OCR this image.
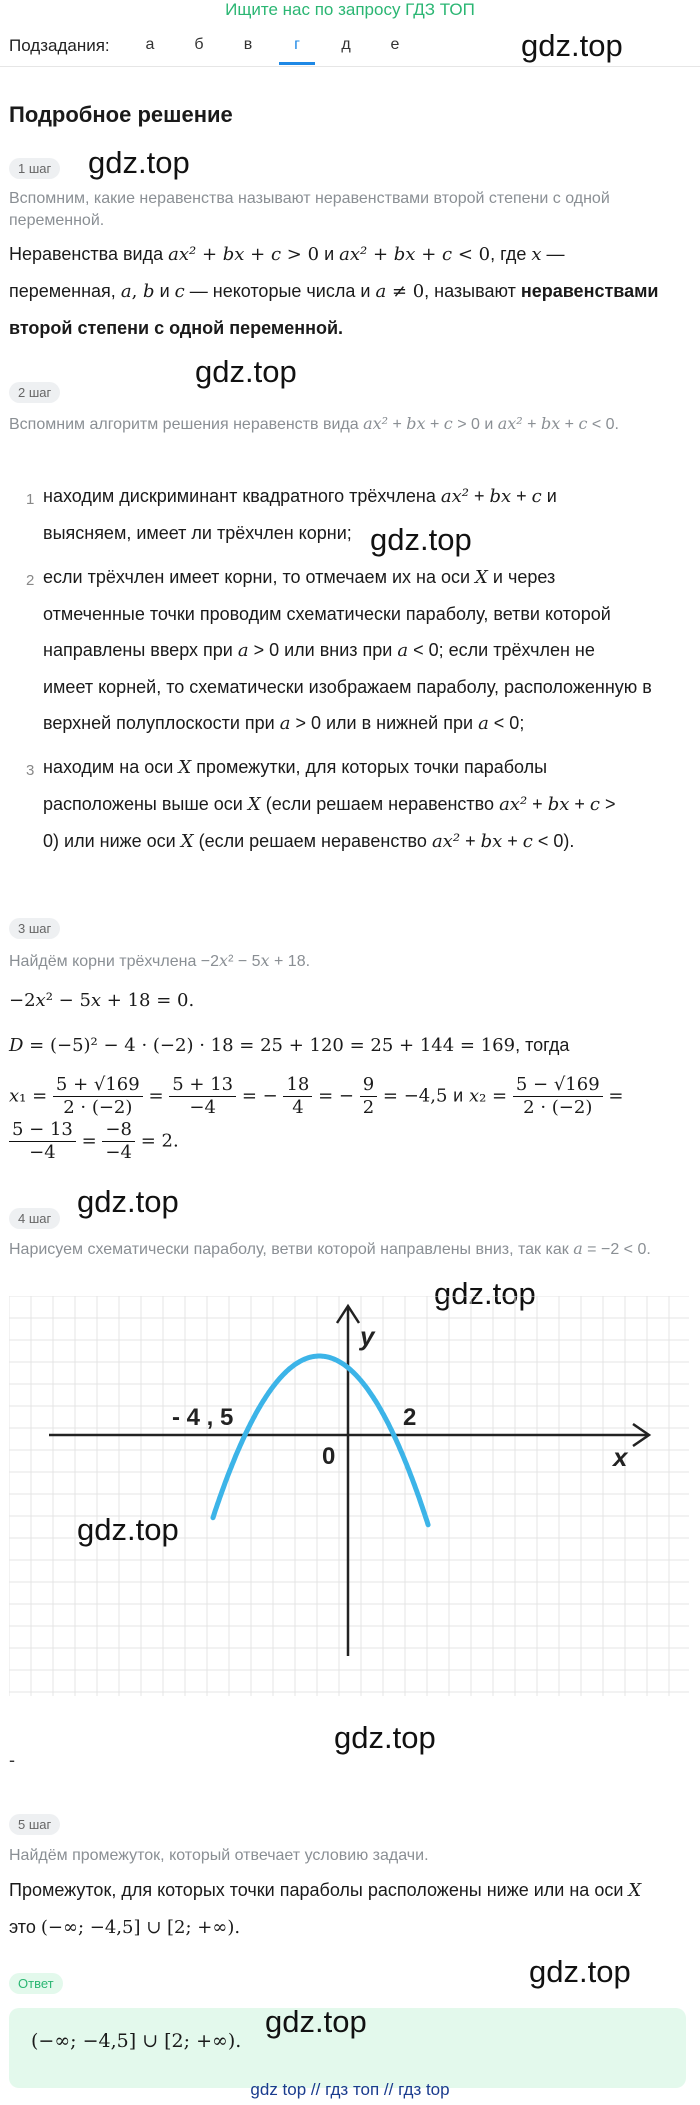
Ищите нас по запросу ГДЗ ТОП
Подзадания:	а	б	в	г	д	е	gdz.top
Подробное решение
1 шаг gdz.top
Вспомним, какие неравенства называют неравенствами второй степени с одной переменной.
Неравенства вида ax² + bx + c > 0 и ax² + bx + c < 0, где x —
переменная, a, b и c — некоторые числа и a ≠ 0, называют неравенствами второй степени с одной переменной.
gdz.top
2 шаг
Вспомним алгоритм решения неравенств вида ax² + bx + c > 0 и ax² + bx + c < 0.
1 находим дискриминант квадратного трёхчлена ax² + bx + c и
выясняем, имеет ли трёхчлен корни; gdz.top
2 если трёхчлен имеет корни, то отмечаем их на оси X и через
отмеченные точки проводим схематически параболу, ветви которой
направлены вверх при a > 0 или вниз при a < 0; если трёхчлен не
имеет корней, то схематически изображаем параболу, расположенную в
верхней полуплоскости при a > 0 или в нижней при a < 0;
3 находим на оси X промежутки, для которых точки параболы
расположены выше оси X (если решаем неравенство ax² + bx + c >
0) или ниже оси X (если решаем неравенство ax² + bx + c < 0).
3 шаг
Найдём корни трёхчлена −2x² − 5x + 18.
−2x² − 5x + 18 = 0.
D = (−5)² − 4 · (−2) · 18 = 25 + 120 = 25 + 144 = 169, тогда
$x_1 = \frac{5 + √169}{2 \cdot (-2)} = \frac{5 + 13}{-4}$ = − $\frac{18}{4}$ = − $\frac{9}{2} = -4,5$ и $x_2 = \frac{5 - √169}{2 \cdot (-2)}$ =

$\frac{5 - 13}{-4} = \frac{-8}{-4} = 2$.
gdz.top
4 шаг
Нарисуем схематически параболу, ветви которой направлены вниз, так как a = −2 < 0.
gdz.top
- 4 , 5	2
0	x
y
gdz.top
gdz.top
-
5 шаг
Найдём промежуток, который отвечает условию задачи.
Промежуток, для которых точки параболы расположены ниже или на оси X
это (−∞; −4,5] ∪ [2; +∞).
Ответ	gdz.top
(−∞; −4,5] ∪ [2; +∞).
gdz.top
gdz top // гдз топ // гдз top
